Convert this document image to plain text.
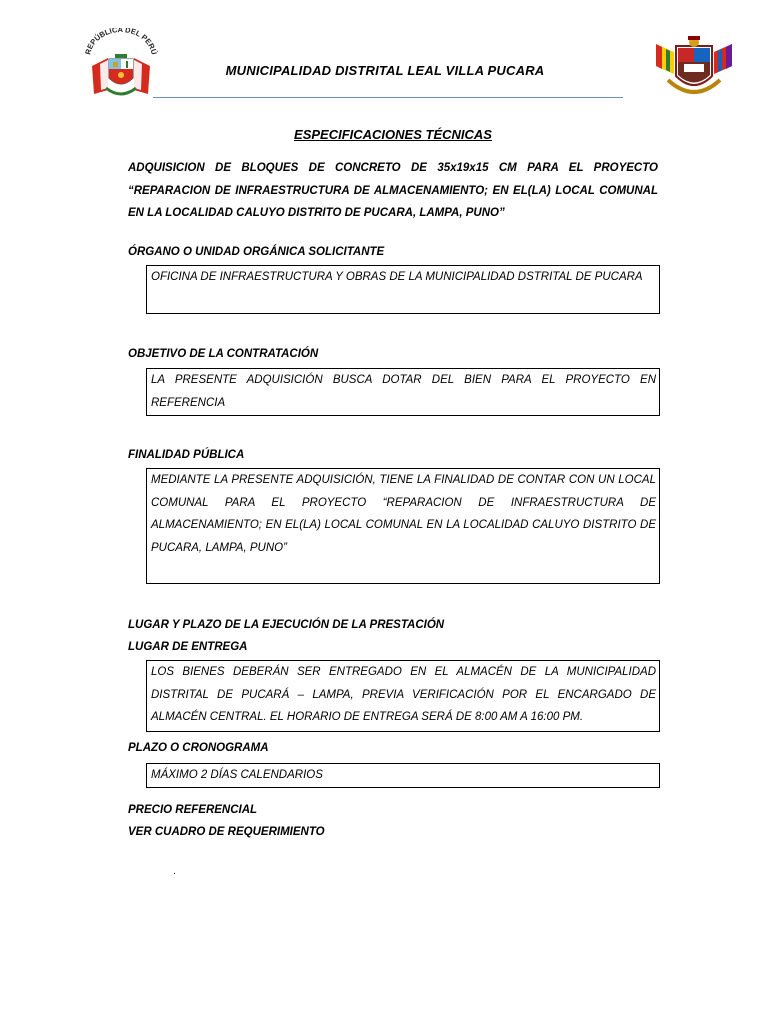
REPÚBLICA DEL PERÚ
MUNICIPALIDAD DISTRITAL LEAL VILLA PUCARA
ESPECIFICACIONES TÉCNICAS
ADQUISICION DE BLOQUES DE CONCRETO DE 35x19x15 CM PARA EL PROYECTO “REPARACION DE INFRAESTRUCTURA DE ALMACENAMIENTO; EN EL(LA) LOCAL COMUNAL EN LA LOCALIDAD CALUYO DISTRITO DE PUCARA, LAMPA, PUNO”
ÓRGANO O UNIDAD ORGÁNICA SOLICITANTE
OFICINA DE INFRAESTRUCTURA Y OBRAS DE LA MUNICIPALIDAD DSTRITAL DE PUCARA
OBJETIVO DE LA CONTRATACIÓN
LA PRESENTE ADQUISICIÓN BUSCA DOTAR DEL BIEN PARA EL PROYECTO EN REFERENCIA
FINALIDAD PÚBLICA
MEDIANTE LA PRESENTE ADQUISICIÓN, TIENE LA FINALIDAD DE CONTAR CON UN LOCAL COMUNAL PARA EL PROYECTO “REPARACION DE INFRAESTRUCTURA DE ALMACENAMIENTO; EN EL(LA) LOCAL COMUNAL EN LA LOCALIDAD CALUYO DISTRITO DE PUCARA, LAMPA, PUNO”
LUGAR Y PLAZO DE LA EJECUCIÓN DE LA PRESTACIÓN
LUGAR DE ENTREGA
LOS BIENES DEBERÁN SER ENTREGADO EN EL ALMACÉN DE LA MUNICIPALIDAD DISTRITAL DE PUCARÁ – LAMPA, PREVIA VERIFICACIÓN POR EL ENCARGADO DE ALMACÉN CENTRAL. EL HORARIO DE ENTREGA SERÁ DE 8:00 AM A 16:00 PM.
PLAZO O CRONOGRAMA
MÁXIMO 2 DÍAS CALENDARIOS
PRECIO REFERENCIAL
VER CUADRO DE REQUERIMIENTO
.
